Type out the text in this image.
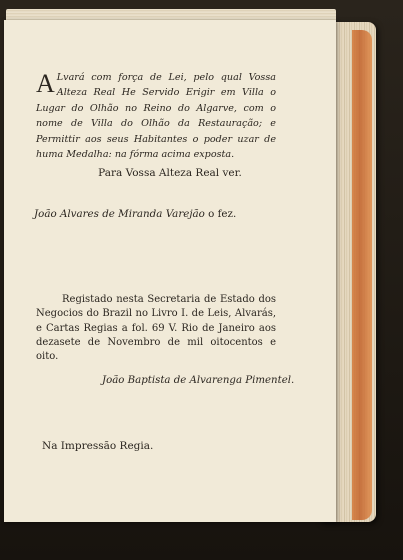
A Lvará com força de Lei, pelo qual Vossa Alteza Real He Servido Erigir em Villa o Lugar do Olhão no Reino do Algarve, com o nome de Villa do Olhão da Restauração; e Permittir aos seus Habitantes o poder uzar de huma Medalha: na fórma acima exposta.
Para Vossa Alteza Real ver.
João Alvares de Miranda Varejão o fez.
Registado nesta Secretaria de Estado dos Negocios do Brazil no Livro I. de Leis, Alvarás, e Cartas Regias a fol. 69 V. Rio de Janeiro aos dezasete de Novembro de mil oitocentos e oito.
João Baptista de Alvarenga Pimentel.
Na Impressão Regia.
